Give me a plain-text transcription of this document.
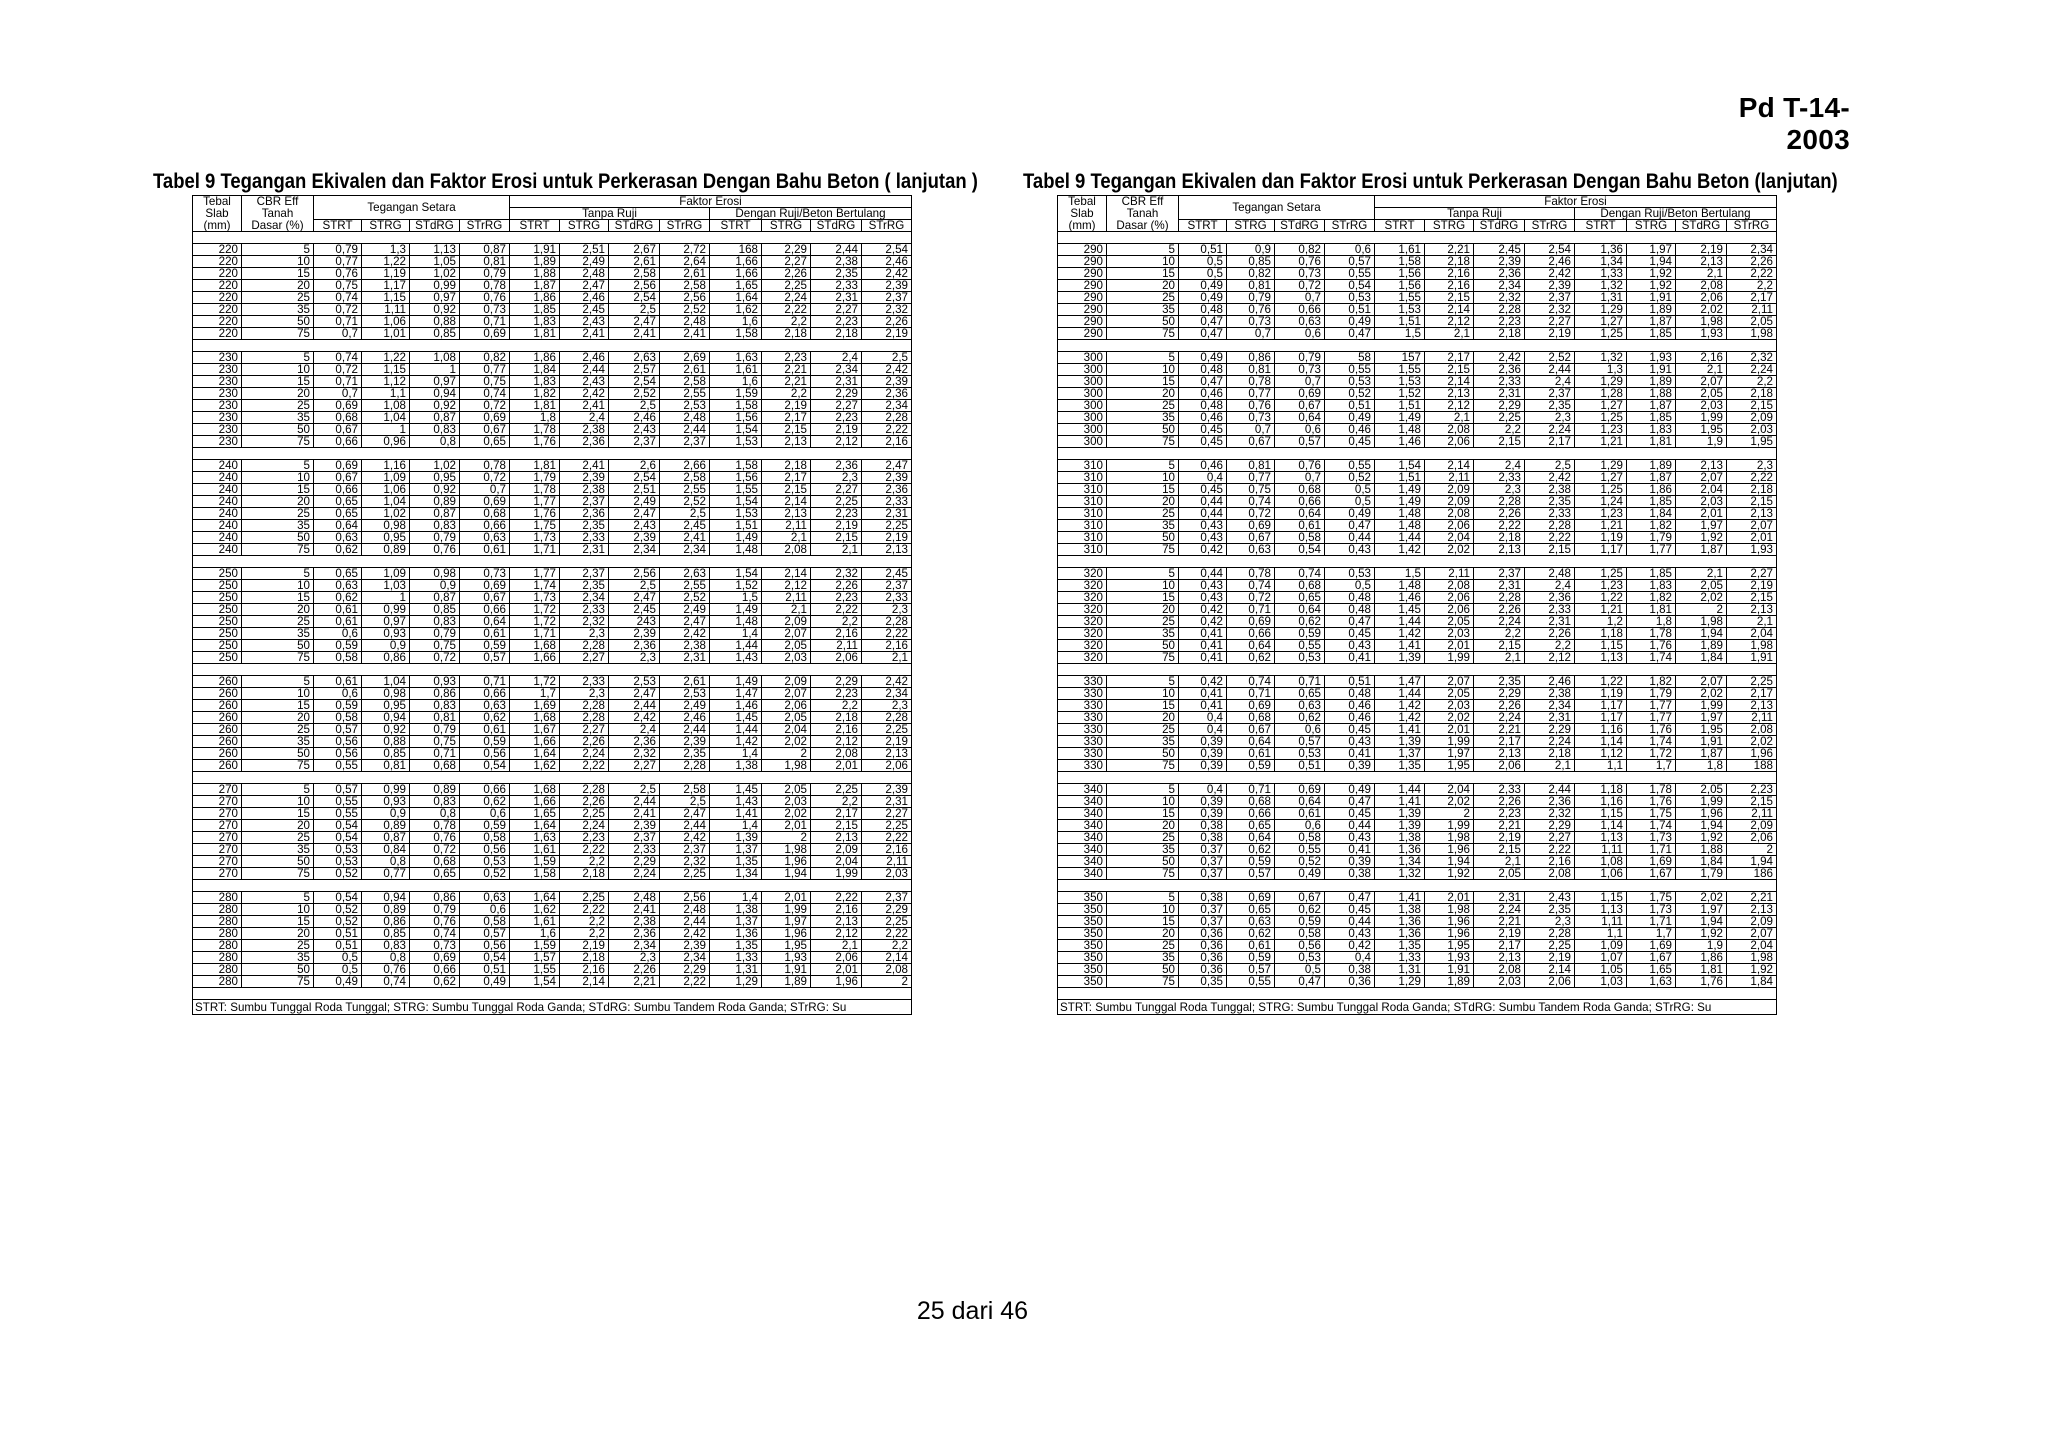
Pd T-14-2003
Tabel 9 Tegangan Ekivalen dan Faktor Erosi untuk Perkerasan Dengan Bahu Beton ( lanjutan ) Tabel 9 Tegangan Ekivalen dan Faktor Erosi untuk Perkerasan Dengan Bahu Beton (lanjutan)
Tebal	CBR Eff	Tegangan Setara				Faktor Erosi							
Slab	Tanah					Tanpa Ruji				Dengan Ruji/Beton Bertulang			
(mm)	Dasar (%)	STRT	STRG	STdRG	STrRG	STRT	STRG	STdRG	STrRG	STRT	STRG	STdRG	STrRG

220	5	0,79	1,3	1,13	0,87	1,91	2,51	2,67	2,72	168	2,29	2,44	2,54
220	10	0,77	1,22	1,05	0,81	1,89	2,49	2,61	2,64	1,66	2,27	2,38	2,46
220	15	0,76	1,19	1,02	0,79	1,88	2,48	2,58	2,61	1,66	2,26	2,35	2,42
220	20	0,75	1,17	0,99	0,78	1,87	2,47	2,56	2,58	1,65	2,25	2,33	2,39
220	25	0,74	1,15	0,97	0,76	1,86	2,46	2,54	2,56	1,64	2,24	2,31	2,37
220	35	0,72	1,11	0,92	0,73	1,85	2,45	2,5	2,52	1,62	2,22	2,27	2,32
220	50	0,71	1,06	0,88	0,71	1,83	2,43	2,47	2,48	1,6	2,2	2,23	2,26
220	75	0,7	1,01	0,85	0,69	1,81	2,41	2,41	2,41	1,58	2,18	2,18	2,19

230	5	0,74	1,22	1,08	0,82	1,86	2,46	2,63	2,69	1,63	2,23	2,4	2,5
230	10	0,72	1,15	1	0,77	1,84	2,44	2,57	2,61	1,61	2,21	2,34	2,42
230	15	0,71	1,12	0,97	0,75	1,83	2,43	2,54	2,58	1,6	2,21	2,31	2,39
230	20	0,7	1,1	0,94	0,74	1,82	2,42	2,52	2,55	1,59	2,2	2,29	2,36
230	25	0,69	1,08	0,92	0,72	1,81	2,41	2,5	2,53	1,58	2,19	2,27	2,34
230	35	0,68	1,04	0,87	0,69	1,8	2,4	2,46	2,48	1,56	2,17	2,23	2,28
230	50	0,67	1	0,83	0,67	1,78	2,38	2,43	2,44	1,54	2,15	2,19	2,22
230	75	0,66	0,96	0,8	0,65	1,76	2,36	2,37	2,37	1,53	2,13	2,12	2,16

240	5	0,69	1,16	1,02	0,78	1,81	2,41	2,6	2,66	1,58	2,18	2,36	2,47
240	10	0,67	1,09	0,95	0,72	1,79	2,39	2,54	2,58	1,56	2,17	2,3	2,39
240	15	0,66	1,06	0,92	0,7	1,78	2,38	2,51	2,55	1,55	2,15	2,27	2,36
240	20	0,65	1,04	0,89	0,69	1,77	2,37	2,49	2,52	1,54	2,14	2,25	2,33
240	25	0,65	1,02	0,87	0,68	1,76	2,36	2,47	2,5	1,53	2,13	2,23	2,31
240	35	0,64	0,98	0,83	0,66	1,75	2,35	2,43	2,45	1,51	2,11	2,19	2,25
240	50	0,63	0,95	0,79	0,63	1,73	2,33	2,39	2,41	1,49	2,1	2,15	2,19
240	75	0,62	0,89	0,76	0,61	1,71	2,31	2,34	2,34	1,48	2,08	2,1	2,13

250	5	0,65	1,09	0,98	0,73	1,77	2,37	2,56	2,63	1,54	2,14	2,32	2,45
250	10	0,63	1,03	0,9	0,69	1,74	2,35	2,5	2,55	1,52	2,12	2,26	2,37
250	15	0,62	1	0,87	0,67	1,73	2,34	2,47	2,52	1,5	2,11	2,23	2,33
250	20	0,61	0,99	0,85	0,66	1,72	2,33	2,45	2,49	1,49	2,1	2,22	2,3
250	25	0,61	0,97	0,83	0,64	1,72	2,32	243	2,47	1,48	2,09	2,2	2,28
250	35	0,6	0,93	0,79	0,61	1,71	2,3	2,39	2,42	1,4	2,07	2,16	2,22
250	50	0,59	0,9	0,75	0,59	1,68	2,28	2,36	2,38	1,44	2,05	2,11	2,16
250	75	0,58	0,86	0,72	0,57	1,66	2,27	2,3	2,31	1,43	2,03	2,06	2,1

260	5	0,61	1,04	0,93	0,71	1,72	2,33	2,53	2,61	1,49	2,09	2,29	2,42
260	10	0,6	0,98	0,86	0,66	1,7	2,3	2,47	2,53	1,47	2,07	2,23	2,34
260	15	0,59	0,95	0,83	0,63	1,69	2,28	2,44	2,49	1,46	2,06	2,2	2,3
260	20	0,58	0,94	0,81	0,62	1,68	2,28	2,42	2,46	1,45	2,05	2,18	2,28
260	25	0,57	0,92	0,79	0,61	1,67	2,27	2,4	2,44	1,44	2,04	2,16	2,25
260	35	0,56	0,88	0,75	0,59	1,66	2,26	2,36	2,39	1,42	2,02	2,12	2,19
260	50	0,56	0,85	0,71	0,56	1,64	2,24	2,32	2,35	1,4	2	2,08	2,13
260	75	0,55	0,81	0,68	0,54	1,62	2,22	2,27	2,28	1,38	1,98	2,01	2,06

270	5	0,57	0,99	0,89	0,66	1,68	2,28	2,5	2,58	1,45	2,05	2,25	2,39
270	10	0,55	0,93	0,83	0,62	1,66	2,26	2,44	2,5	1,43	2,03	2,2	2,31
270	15	0,55	0,9	0,8	0,6	1,65	2,25	2,41	2,47	1,41	2,02	2,17	2,27
270	20	0,54	0,89	0,78	0,59	1,64	2,24	2,39	2,44	1,4	2,01	2,15	2,25
270	25	0,54	0,87	0,76	0,58	1,63	2,23	2,37	2,42	1,39	2	2,13	2,22
270	35	0,53	0,84	0,72	0,56	1,61	2,22	2,33	2,37	1,37	1,98	2,09	2,16
270	50	0,53	0,8	0,68	0,53	1,59	2,2	2,29	2,32	1,35	1,96	2,04	2,11
270	75	0,52	0,77	0,65	0,52	1,58	2,18	2,24	2,25	1,34	1,94	1,99	2,03

280	5	0,54	0,94	0,86	0,63	1,64	2,25	2,48	2,56	1,4	2,01	2,22	2,37
280	10	0,52	0,89	0,79	0,6	1,62	2,22	2,41	2,48	1,38	1,99	2,16	2,29
280	15	0,52	0,86	0,76	0,58	1,61	2,2	2,38	2,44	1,37	1,97	2,13	2,25
280	20	0,51	0,85	0,74	0,57	1,6	2,2	2,36	2,42	1,36	1,96	2,12	2,22
280	25	0,51	0,83	0,73	0,56	1,59	2,19	2,34	2,39	1,35	1,95	2,1	2,2
280	35	0,5	0,8	0,69	0,54	1,57	2,18	2,3	2,34	1,33	1,93	2,06	2,14
280	50	0,5	0,76	0,66	0,51	1,55	2,16	2,26	2,29	1,31	1,91	2,01	2,08
280	75	0,49	0,74	0,62	0,49	1,54	2,14	2,21	2,22	1,29	1,89	1,96	2

STRT: Sumbu Tunggal Roda Tunggal; STRG: Sumbu Tunggal Roda Ganda; STdRG: Sumbu Tandem Roda Ganda; STrRG: Su													
Tebal	CBR Eff	Tegangan Setara				Faktor Erosi							
Slab	Tanah					Tanpa Ruji				Dengan Ruji/Beton Bertulang			
(mm)	Dasar (%)	STRT	STRG	STdRG	STrRG	STRT	STRG	STdRG	STrRG	STRT	STRG	STdRG	STrRG

290	5	0,51	0,9	0,82	0,6	1,61	2,21	2,45	2,54	1,36	1,97	2,19	2,34
290	10	0,5	0,85	0,76	0,57	1,58	2,18	2,39	2,46	1,34	1,94	2,13	2,26
290	15	0,5	0,82	0,73	0,55	1,56	2,16	2,36	2,42	1,33	1,92	2,1	2,22
290	20	0,49	0,81	0,72	0,54	1,56	2,16	2,34	2,39	1,32	1,92	2,08	2,2
290	25	0,49	0,79	0,7	0,53	1,55	2,15	2,32	2,37	1,31	1,91	2,06	2,17
290	35	0,48	0,76	0,66	0,51	1,53	2,14	2,28	2,32	1,29	1,89	2,02	2,11
290	50	0,47	0,73	0,63	0,49	1,51	2,12	2,23	2,27	1,27	1,87	1,98	2,05
290	75	0,47	0,7	0,6	0,47	1,5	2,1	2,18	2,19	1,25	1,85	1,93	1,98

300	5	0,49	0,86	0,79	58	157	2,17	2,42	2,52	1,32	1,93	2,16	2,32
300	10	0,48	0,81	0,73	0,55	1,55	2,15	2,36	2,44	1,3	1,91	2,1	2,24
300	15	0,47	0,78	0,7	0,53	1,53	2,14	2,33	2,4	1,29	1,89	2,07	2,2
300	20	0,46	0,77	0,69	0,52	1,52	2,13	2,31	2,37	1,28	1,88	2,05	2,18
300	25	0,48	0,76	0,67	0,51	1,51	2,12	2,29	2,35	1,27	1,87	2,03	2,15
300	35	0,46	0,73	0,64	0,49	1,49	2,1	2,25	2,3	1,25	1,85	1,99	2,09
300	50	0,45	0,7	0,6	0,46	1,48	2,08	2,2	2,24	1,23	1,83	1,95	2,03
300	75	0,45	0,67	0,57	0,45	1,46	2,06	2,15	2,17	1,21	1,81	1,9	1,95

310	5	0,46	0,81	0,76	0,55	1,54	2,14	2,4	2,5	1,29	1,89	2,13	2,3
310	10	0,4	0,77	0,7	0,52	1,51	2,11	2,33	2,42	1,27	1,87	2,07	2,22
310	15	0,45	0,75	0,68	0,5	1,49	2,09	2,3	2,38	1,25	1,86	2,04	2,18
310	20	0,44	0,74	0,66	0,5	1,49	2,09	2,28	2,35	1,24	1,85	2,03	2,15
310	25	0,44	0,72	0,64	0,49	1,48	2,08	2,26	2,33	1,23	1,84	2,01	2,13
310	35	0,43	0,69	0,61	0,47	1,48	2,06	2,22	2,28	1,21	1,82	1,97	2,07
310	50	0,43	0,67	0,58	0,44	1,44	2,04	2,18	2,22	1,19	1,79	1,92	2,01
310	75	0,42	0,63	0,54	0,43	1,42	2,02	2,13	2,15	1,17	1,77	1,87	1,93

320	5	0,44	0,78	0,74	0,53	1,5	2,11	2,37	2,48	1,25	1,85	2,1	2,27
320	10	0,43	0,74	0,68	0,5	1,48	2,08	2,31	2,4	1,23	1,83	2,05	2,19
320	15	0,43	0,72	0,65	0,48	1,46	2,06	2,28	2,36	1,22	1,82	2,02	2,15
320	20	0,42	0,71	0,64	0,48	1,45	2,06	2,26	2,33	1,21	1,81	2	2,13
320	25	0,42	0,69	0,62	0,47	1,44	2,05	2,24	2,31	1,2	1,8	1,98	2,1
320	35	0,41	0,66	0,59	0,45	1,42	2,03	2,2	2,26	1,18	1,78	1,94	2,04
320	50	0,41	0,64	0,55	0,43	1,41	2,01	2,15	2,2	1,15	1,76	1,89	1,98
320	75	0,41	0,62	0,53	0,41	1,39	1,99	2,1	2,12	1,13	1,74	1,84	1,91

330	5	0,42	0,74	0,71	0,51	1,47	2,07	2,35	2,46	1,22	1,82	2,07	2,25
330	10	0,41	0,71	0,65	0,48	1,44	2,05	2,29	2,38	1,19	1,79	2,02	2,17
330	15	0,41	0,69	0,63	0,46	1,42	2,03	2,26	2,34	1,17	1,77	1,99	2,13
330	20	0,4	0,68	0,62	0,46	1,42	2,02	2,24	2,31	1,17	1,77	1,97	2,11
330	25	0,4	0,67	0,6	0,45	1,41	2,01	2,21	2,29	1,16	1,76	1,95	2,08
330	35	0,39	0,64	0,57	0,43	1,39	1,99	2,17	2,24	1,14	1,74	1,91	2,02
330	50	0,39	0,61	0,53	0,41	1,37	1,97	2,13	2,18	1,12	1,72	1,87	1,96
330	75	0,39	0,59	0,51	0,39	1,35	1,95	2,06	2,1	1,1	1,7	1,8	188

340	5	0,4	0,71	0,69	0,49	1,44	2,04	2,33	2,44	1,18	1,78	2,05	2,23
340	10	0,39	0,68	0,64	0,47	1,41	2,02	2,26	2,36	1,16	1,76	1,99	2,15
340	15	0,39	0,66	0,61	0,45	1,39	2	2,23	2,32	1,15	1,75	1,96	2,11
340	20	0,38	0,65	0,6	0,44	1,39	1,99	2,21	2,29	1,14	1,74	1,94	2,09
340	25	0,38	0,64	0,58	0,43	1,38	1,98	2,19	2,27	1,13	1,73	1,92	2,06
340	35	0,37	0,62	0,55	0,41	1,36	1,96	2,15	2,22	1,11	1,71	1,88	2
340	50	0,37	0,59	0,52	0,39	1,34	1,94	2,1	2,16	1,08	1,69	1,84	1,94
340	75	0,37	0,57	0,49	0,38	1,32	1,92	2,05	2,08	1,06	1,67	1,79	186

350	5	0,38	0,69	0,67	0,47	1,41	2,01	2,31	2,43	1,15	1,75	2,02	2,21
350	10	0,37	0,65	0,62	0,45	1,38	1,98	2,24	2,35	1,13	1,73	1,97	2,13
350	15	0,37	0,63	0,59	0,44	1,36	1,96	2,21	2,3	1,11	1,71	1,94	2,09
350	20	0,36	0,62	0,58	0,43	1,36	1,96	2,19	2,28	1,1	1,7	1,92	2,07
350	25	0,36	0,61	0,56	0,42	1,35	1,95	2,17	2,25	1,09	1,69	1,9	2,04
350	35	0,36	0,59	0,53	0,4	1,33	1,93	2,13	2,19	1,07	1,67	1,86	1,98
350	50	0,36	0,57	0,5	0,38	1,31	1,91	2,08	2,14	1,05	1,65	1,81	1,92
350	75	0,35	0,55	0,47	0,36	1,29	1,89	2,03	2,06	1,03	1,63	1,76	1,84

STRT: Sumbu Tunggal Roda Tunggal; STRG: Sumbu Tunggal Roda Ganda; STdRG: Sumbu Tandem Roda Ganda; STrRG: Su													
25 dari 46
